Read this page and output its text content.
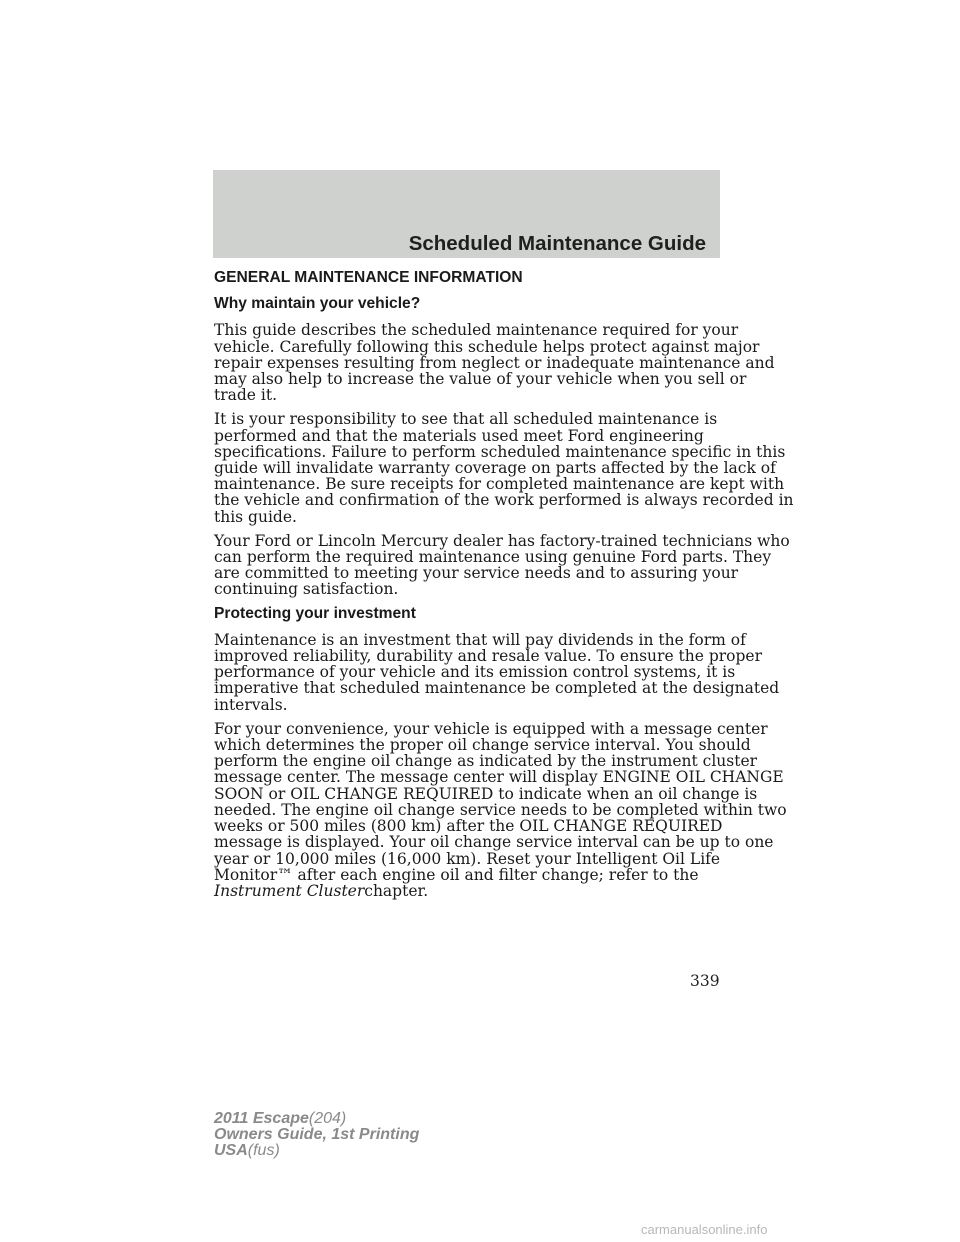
Scheduled Maintenance Guide
GENERAL MAINTENANCE INFORMATION
Why maintain your vehicle?
This guide describes the scheduled maintenance required for your
vehicle. Carefully following this schedule helps protect against major
repair expenses resulting from neglect or inadequate maintenance and
may also help to increase the value of your vehicle when you sell or
trade it.
It is your responsibility to see that all scheduled maintenance is
performed and that the materials used meet Ford engineering
specifications. Failure to perform scheduled maintenance specific in this
guide will invalidate warranty coverage on parts affected by the lack of
maintenance. Be sure receipts for completed maintenance are kept with
the vehicle and confirmation of the work performed is always recorded in
this guide.
Your Ford or Lincoln Mercury dealer has factory-trained technicians who
can perform the required maintenance using genuine Ford parts. They
are committed to meeting your service needs and to assuring your
continuing satisfaction.
Protecting your investment
Maintenance is an investment that will pay dividends in the form of
improved reliability, durability and resale value. To ensure the proper
performance of your vehicle and its emission control systems, it is
imperative that scheduled maintenance be completed at the designated
intervals.
For your convenience, your vehicle is equipped with a message center
which determines the proper oil change service interval. You should
perform the engine oil change as indicated by the instrument cluster
message center. The message center will display ENGINE OIL CHANGE
SOON or OIL CHANGE REQUIRED to indicate when an oil change is
needed. The engine oil change service needs to be completed within two
weeks or 500 miles (800 km) after the OIL CHANGE REQUIRED
message is displayed. Your oil change service interval can be up to one
year or 10,000 miles (16,000 km). Reset your Intelligent Oil Life
Monitor™ after each engine oil and filter change; refer to the
Instrument Clusterchapter.
339
2011 Escape(204)
Owners Guide, 1st Printing
USA(fus)
carmanualsonline.info
